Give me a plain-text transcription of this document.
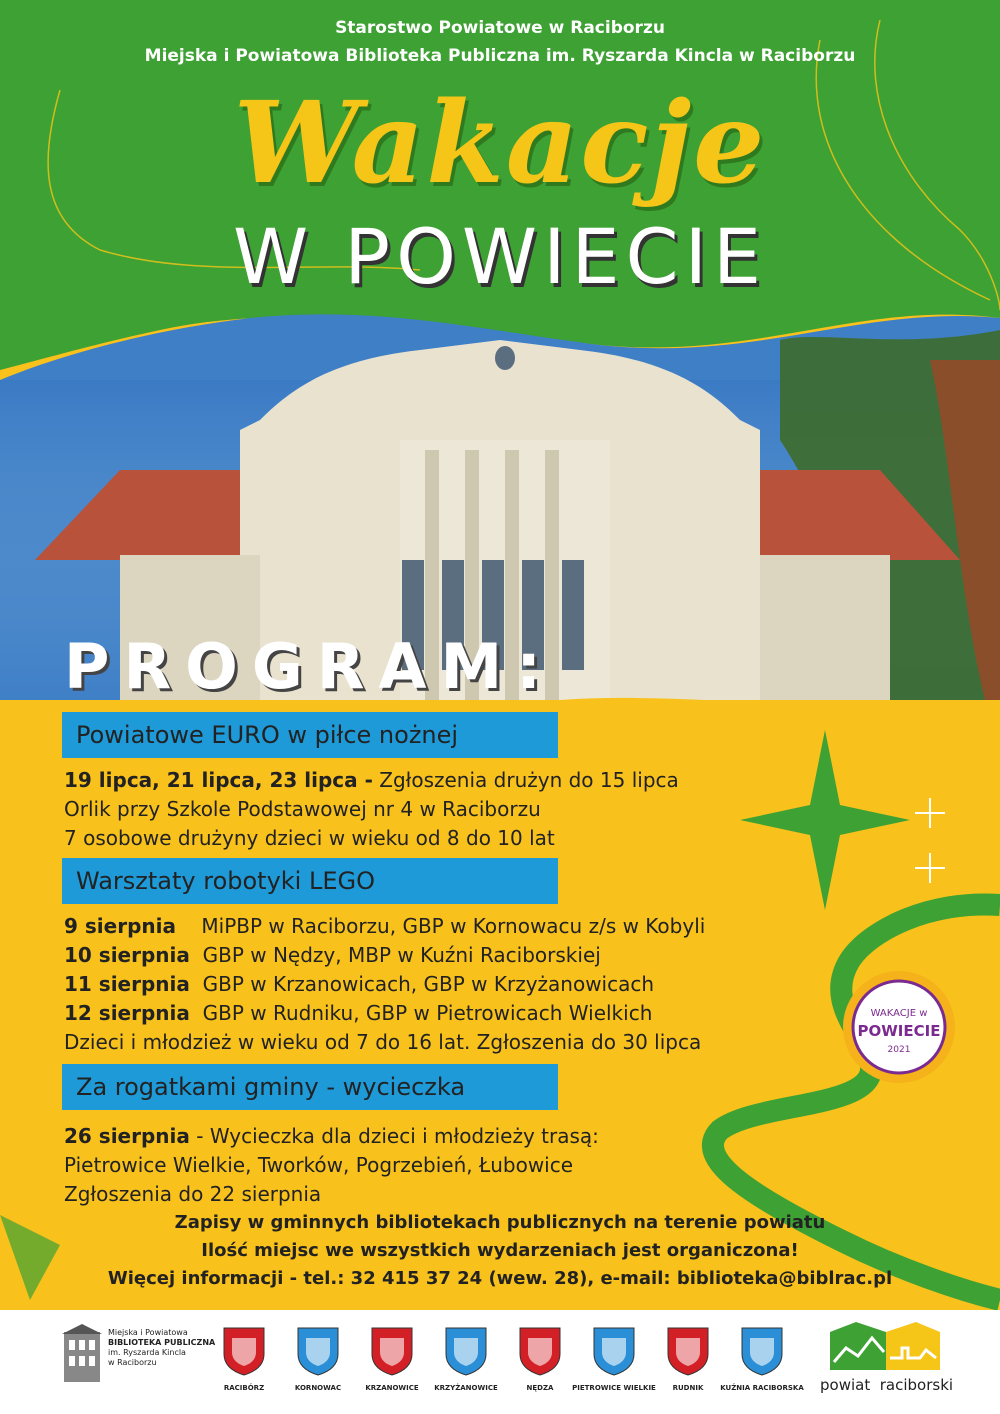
Starostwo Powiatowe w Raciborzu
Miejska i Powiatowa Biblioteka Publiczna im. Ryszarda Kincla w Raciborzu
Wakacje
W POWIECIE
PROGRAM:
Powiatowe EURO w piłce nożnej
19 lipca, 21 lipca, 23 lipca - Zgłoszenia drużyn do 15 lipca
Orlik przy Szkole Podstawowej nr 4 w Raciborzu
7 osobowe drużyny dzieci w wieku od 8 do 10 lat
Warsztaty robotyki LEGO
9 sierpnia    MiPBP w Raciborzu, GBP w Kornowacu z/s w Kobyli
10 sierpnia  GBP w Nędzy, MBP w Kuźni Raciborskiej
11 sierpnia  GBP w Krzanowicach, GBP w Krzyżanowicach
12 sierpnia  GBP w Rudniku, GBP w Pietrowicach Wielkich
Dzieci i młodzież w wieku od 7 do 16 lat. Zgłoszenia do 30 lipca
Za rogatkami gminy - wycieczka
26 sierpnia - Wycieczka dla dzieci i młodzieży trasą:
Pietrowice Wielkie, Tworków, Pogrzebień, Łubowice
Zgłoszenia do 22 sierpnia
Zapisy w gminnych bibliotekach publicznych na terenie powiatu
Ilość miejsc we wszystkich wydarzeniach jest organiczona!
Więcej informacji - tel.: 32 415 37 24 (wew. 28), e-mail: biblioteka@biblrac.pl
WAKACJE w
POWIECIE
2021
Miejska i Powiatowa
BIBLIOTEKA PUBLICZNA
im. Ryszarda Kincla
w Raciborzu
powiat  raciborski
RACIBÓRZ	KORNOWAC	KRZANOWICE	KRZYŻANOWICE	NĘDZA	PIETROWICE WIELKIE	RUDNIK	KUŹNIA RACIBORSKA
